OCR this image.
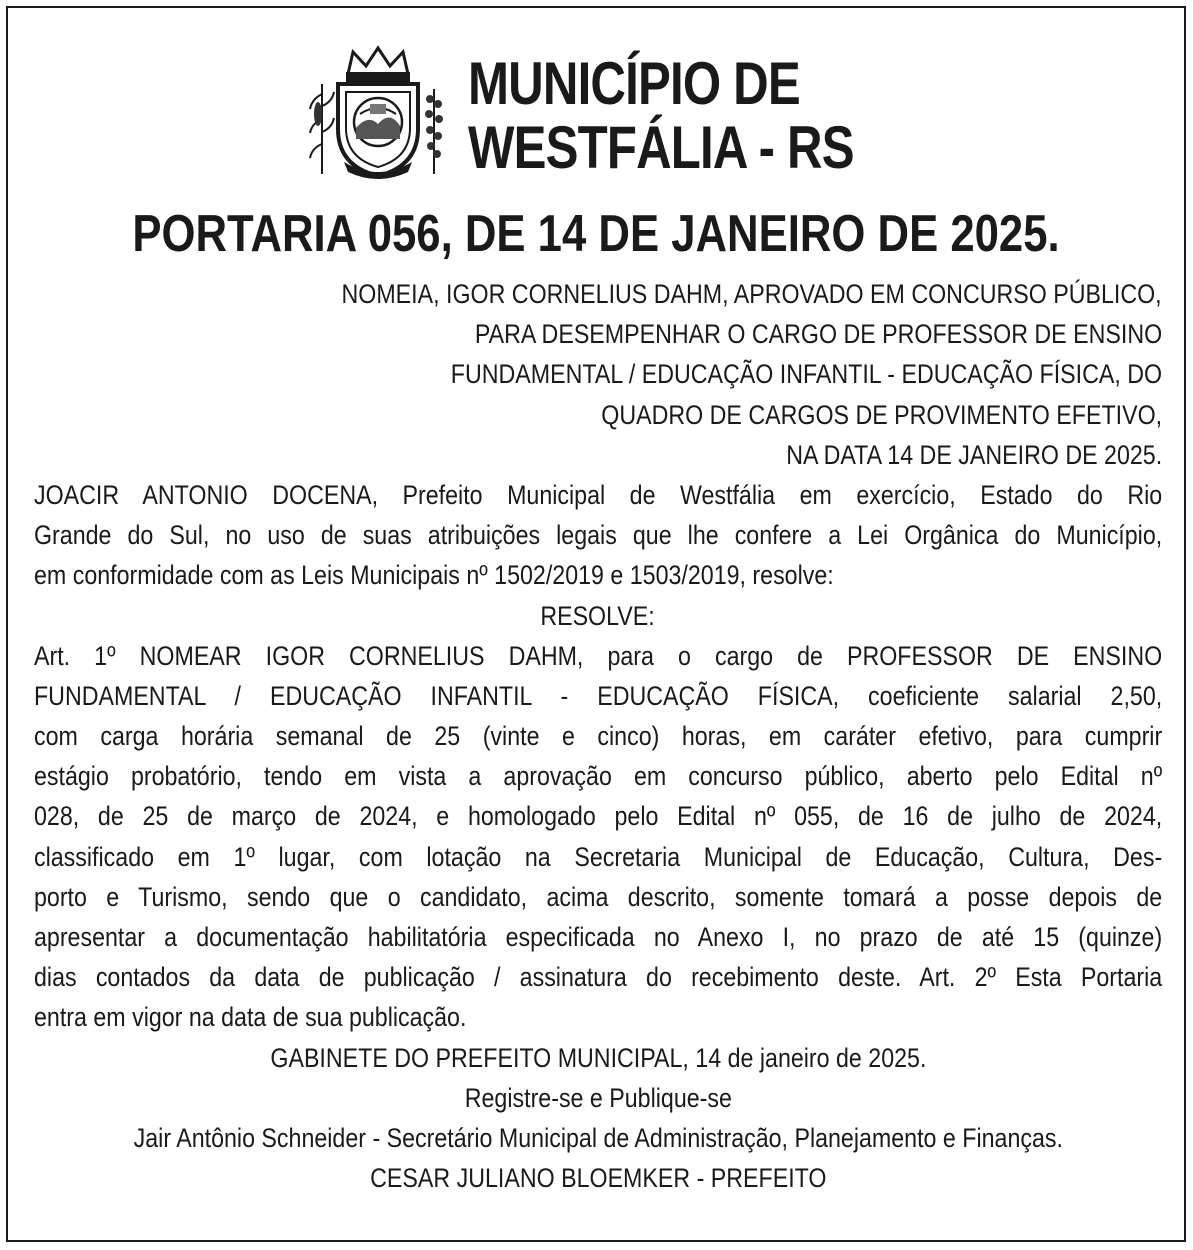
MUNICÍPIO DE
WESTFÁLIA - RS
PORTARIA 056, DE 14 DE JANEIRO DE 2025.
NOMEIA, IGOR CORNELIUS DAHM, APROVADO EM CONCURSO PÚBLICO,
PARA DESEMPENHAR O CARGO DE PROFESSOR DE ENSINO
FUNDAMENTAL / EDUCAÇÃO INFANTIL - EDUCAÇÃO FÍSICA, DO
QUADRO DE CARGOS DE PROVIMENTO EFETIVO,
NA DATA 14 DE JANEIRO DE 2025.
JOACIR ANTONIO DOCENA, Prefeito Municipal de Westfália em exercício, Estado do Rio
Grande do Sul, no uso de suas atribuições legais que lhe confere a Lei Orgânica do Município,
em conformidade com as Leis Municipais nº 1502/2019 e 1503/2019, resolve:
RESOLVE:
Art. 1º NOMEAR IGOR CORNELIUS DAHM, para o cargo de PROFESSOR DE ENSINO
FUNDAMENTAL / EDUCAÇÃO INFANTIL - EDUCAÇÃO FÍSICA, coeficiente salarial 2,50,
com carga horária semanal de 25 (vinte e cinco) horas, em caráter efetivo, para cumprir
estágio probatório, tendo em vista a aprovação em concurso público, aberto pelo Edital nº
028, de 25 de março de 2024, e homologado pelo Edital nº 055, de 16 de julho de 2024,
classificado em 1º lugar, com lotação na Secretaria Municipal de Educação, Cultura, Des-
porto e Turismo, sendo que o candidato, acima descrito, somente tomará a posse depois de
apresentar a documentação habilitatória especificada no Anexo I, no prazo de até 15 (quinze)
dias contados da data de publicação / assinatura do recebimento deste. Art. 2º Esta Portaria
entra em vigor na data de sua publicação.
GABINETE DO PREFEITO MUNICIPAL, 14 de janeiro de 2025.
Registre-se e Publique-se
Jair Antônio Schneider - Secretário Municipal de Administração, Planejamento e Finanças.
CESAR JULIANO BLOEMKER - PREFEITO
